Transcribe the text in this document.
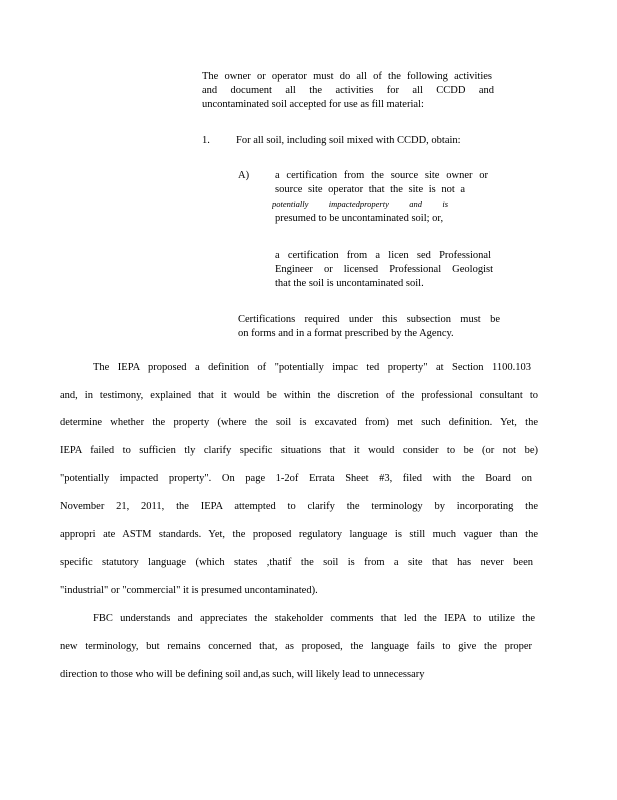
The owner or operator must do all of the following activities
and document all the activities for all CCDD and
uncontaminated soil accepted for use as fill material:
1. For all soil, including soil mixed with CCDD, obtain:
A) a certification from the source site owner or
source site operator that the site is not a
potentially impactedproperty and is
presumed to be uncontaminated soil; or,
a certification from a licen sed Professional
Engineer or licensed Professional Geologist
that the soil is uncontaminated soil.
Certifications required under this subsection must be
on forms and in a format prescribed by the Agency.
The IEPA proposed a definition of "potentially impac ted property" at Section 1100.103
and, in testimony, explained that it would be within the discretion of the professional consultant to
determine whether the property (where the soil is excavated from) met such definition. Yet, the
IEPA failed to sufficien tly clarify specific situations that it would consider to be (or not be)
"potentially impacted property". On page 1-2of Errata Sheet #3, filed with the Board on
November 21, 2011, the IEPA attempted to clarify the terminology by incorporating the
appropri ate ASTM standards. Yet, the proposed regulatory language is still much vaguer than the
specific statutory language (which states ,thatif the soil is from a site that has never been
"industrial" or "commercial" it is presumed uncontaminated).
FBC understands and appreciates the stakeholder comments that led the IEPA to utilize the
new terminology, but remains concerned that, as proposed, the language fails to give the proper
direction to those who will be defining soil and,as such, will likely lead to unnecessary
